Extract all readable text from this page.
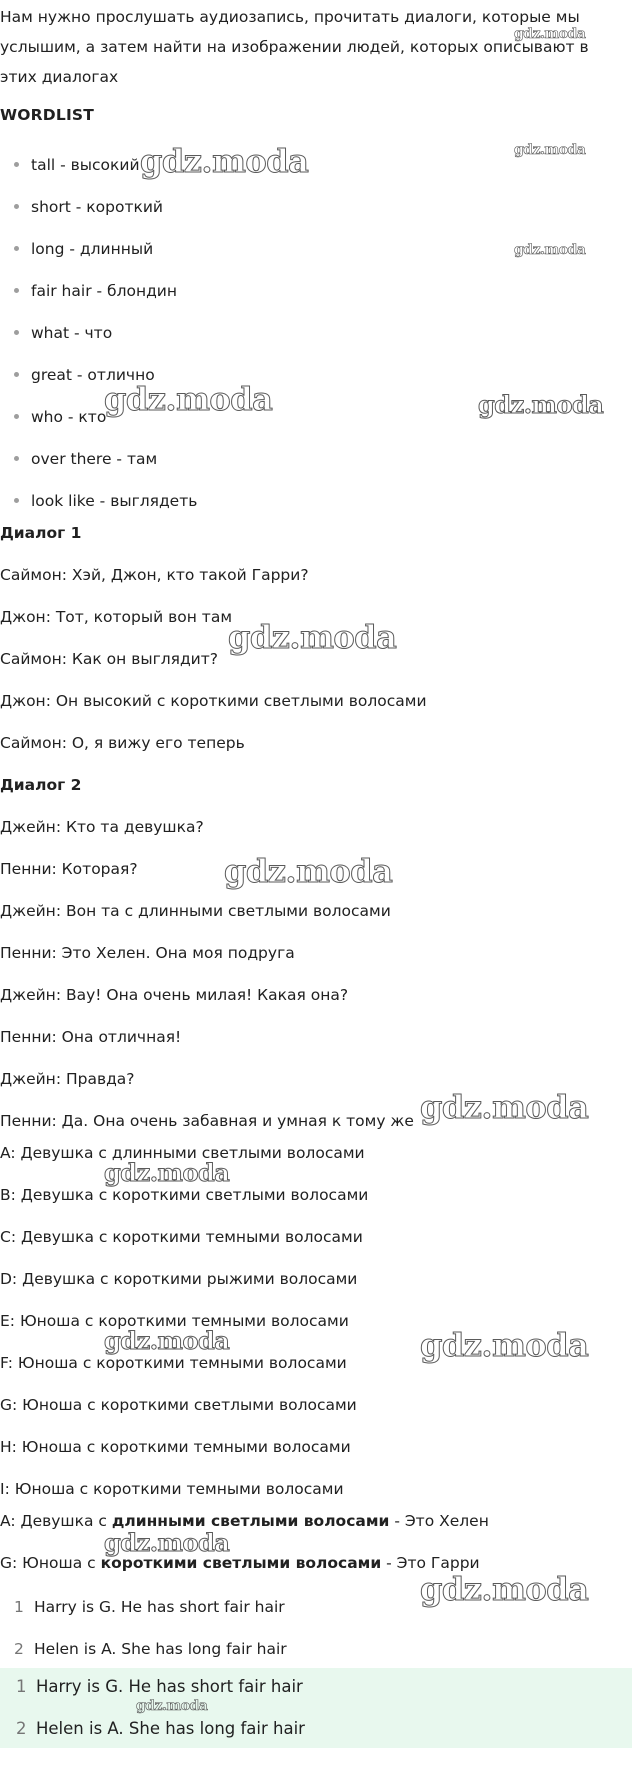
Нам нужно прослушать аудиозапись, прочитать диалоги, которые мы услышим, а затем найти на изображении людей, которых описывают в этих диалогах
WORDLIST
tall - высокий
short - короткий
long - длинный
fair hair - блондин
what - что
great - отлично
who - кто
over there - там
look like - выглядеть
Диалог 1
Саймон: Хэй, Джон, кто такой Гарри?
Джон: Тот, который вон там
Саймон: Как он выглядит?
Джон: Он высокий с короткими светлыми волосами
Саймон: О, я вижу его теперь
Диалог 2
Джейн: Кто та девушка?
Пенни: Которая?
Джейн: Вон та с длинными светлыми волосами
Пенни: Это Хелен. Она моя подруга
Джейн: Вау! Она очень милая! Какая она?
Пенни: Она отличная!
Джейн: Правда?
Пенни: Да. Она очень забавная и умная к тому же
A: Девушка с длинными светлыми волосами
B: Девушка с короткими светлыми волосами
C: Девушка с короткими темными волосами
D: Девушка с короткими рыжими волосами
E: Юноша с короткими темными волосами
F: Юноша с короткими темными волосами
G: Юноша с короткими светлыми волосами
H: Юноша с короткими темными волосами
I: Юноша с короткими темными волосами
A: Девушка с длинными светлыми волосами - Это Хелен
G: Юноша с короткими светлыми волосами - Это Гарри
1 Harry is G. He has short fair hair
2 Helen is A. She has long fair hair
1 Harry is G. He has short fair hair
2 Helen is A. She has long fair hair
gdz.moda
gdz.moda
gdz.moda
gdz.moda
gdz.moda	gdz.moda
gdz.moda
gdz.moda
gdz.moda
gdz.moda
gdz.moda	gdz.moda
gdz.moda
gdz.moda
gdz.moda
